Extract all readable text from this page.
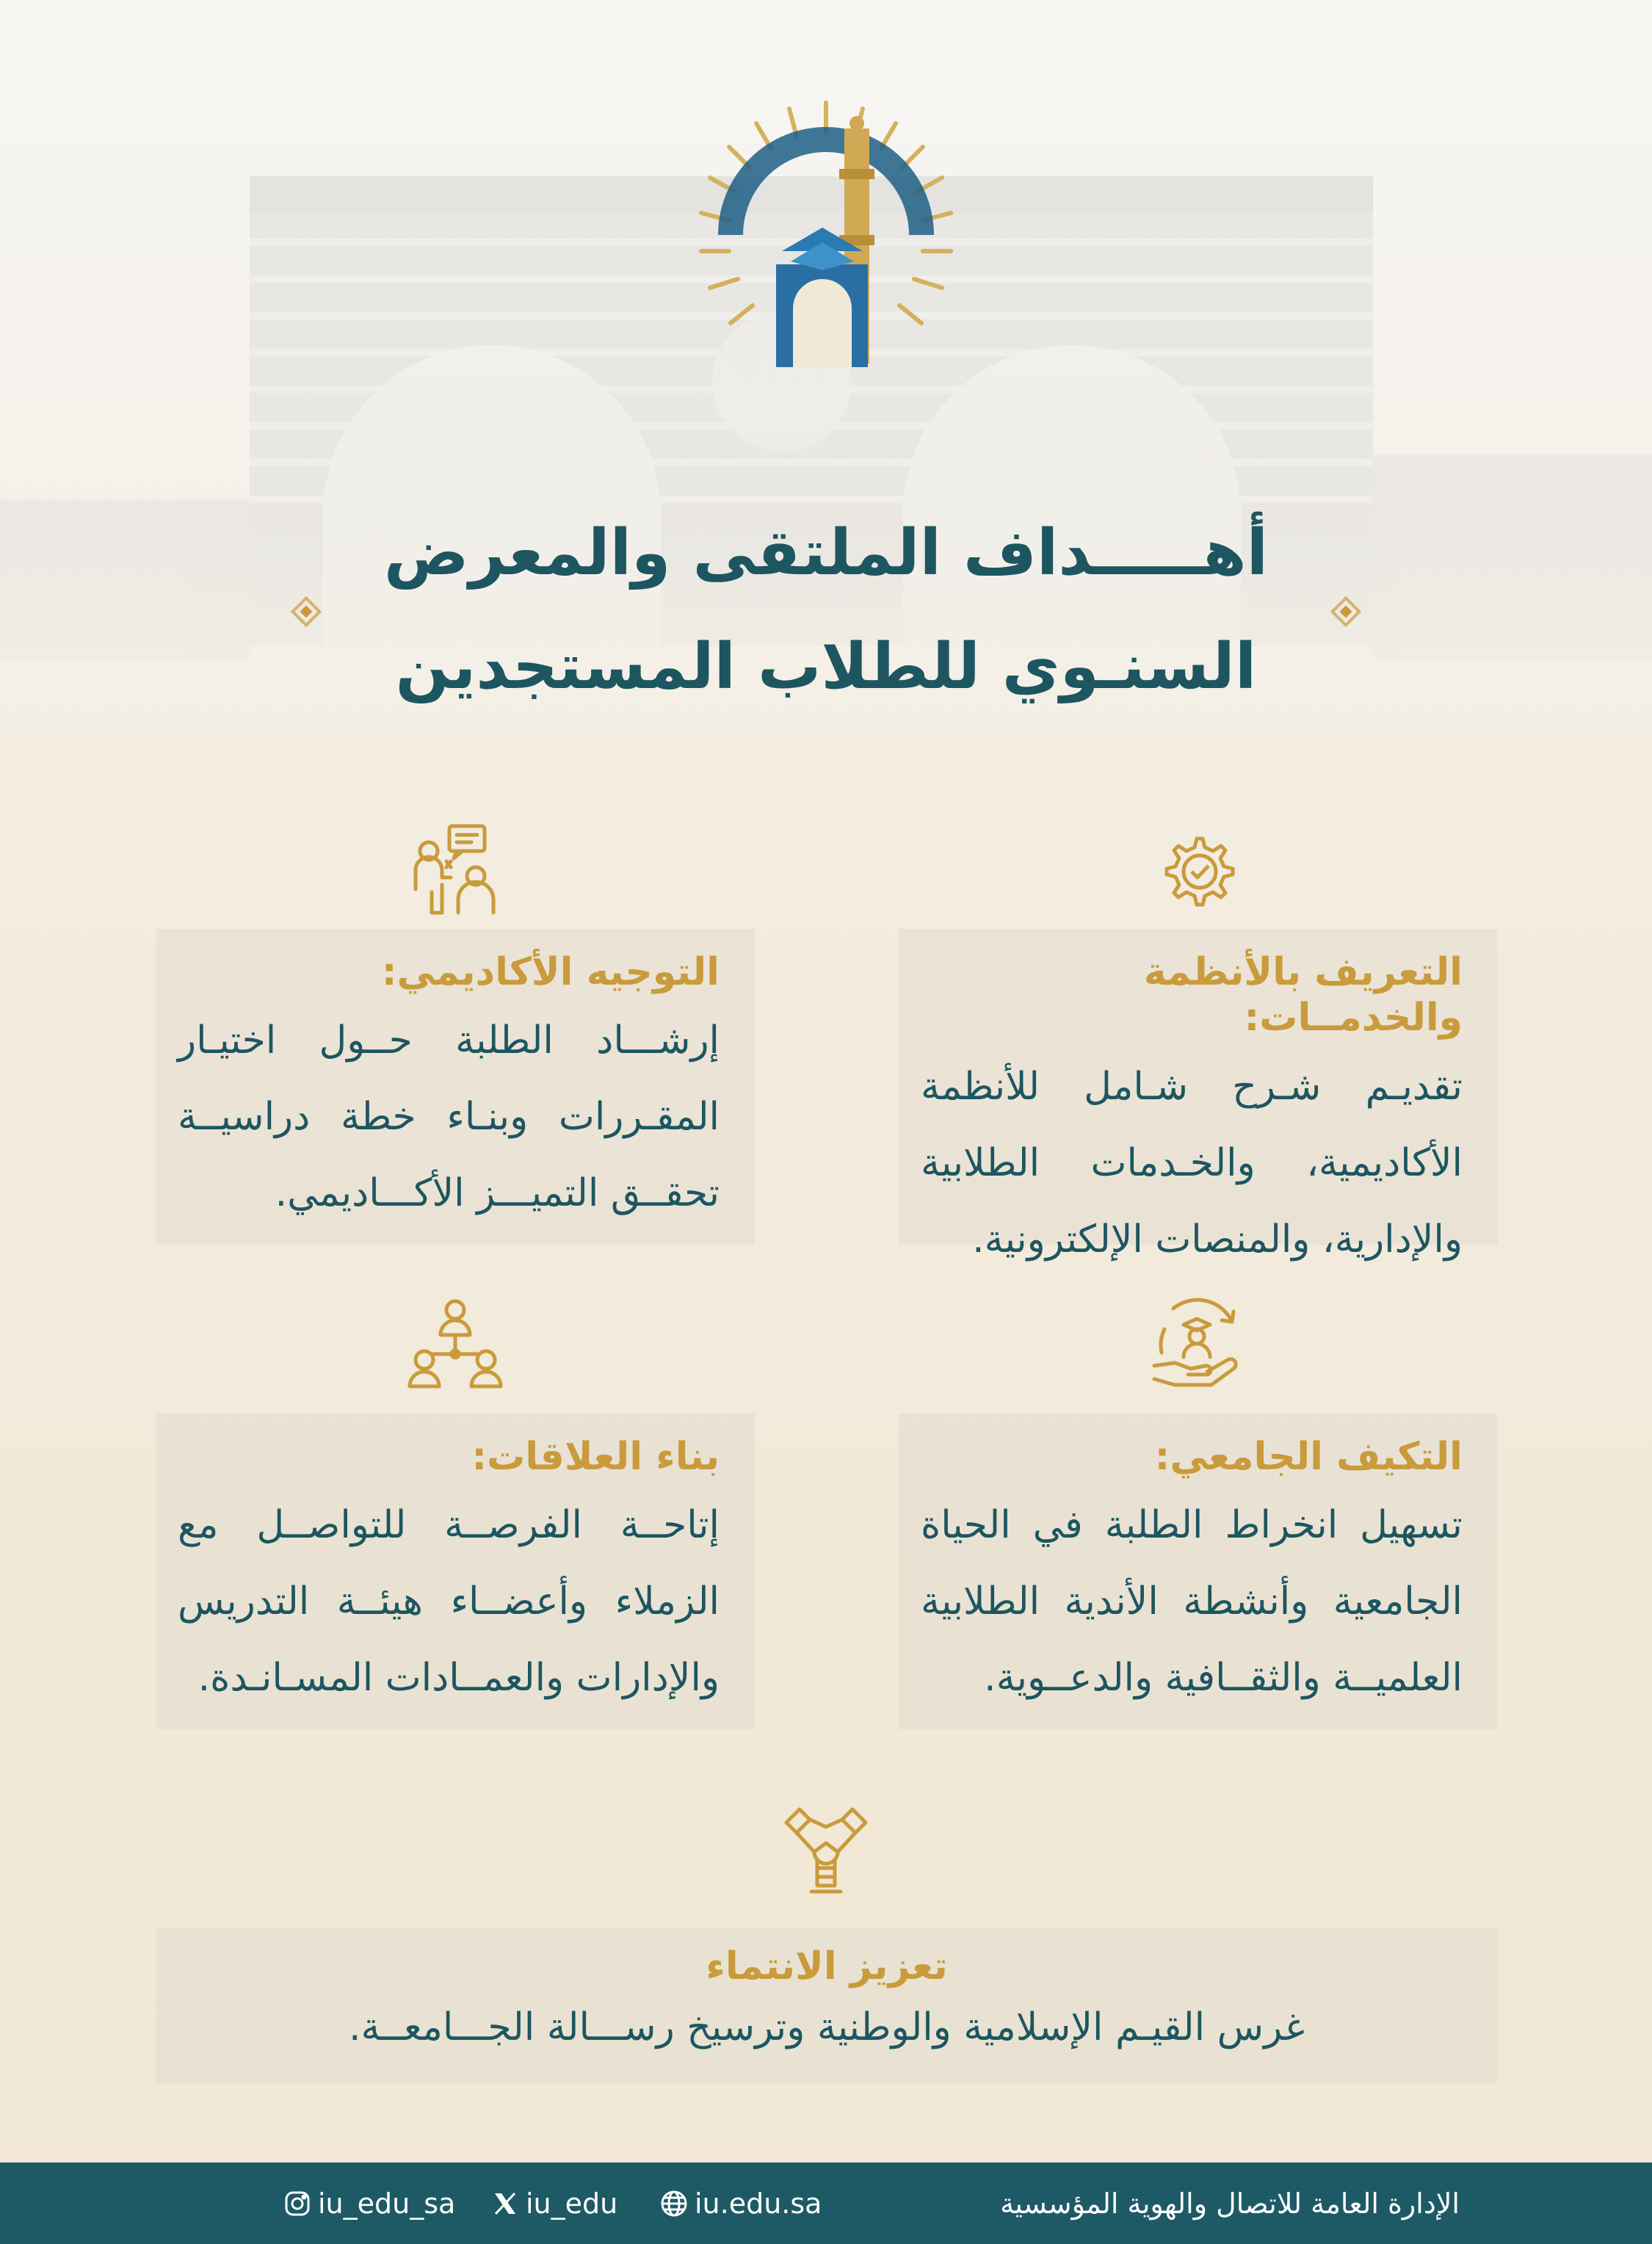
أهـــــداف الملتقى والمعرض
السنـوي للطلاب المستجدين
التعريف بالأنظمة والخدمــات:
تقديـم شـرح شـامل للأنظمة الأكاديمية، والخـدمات الطلابية والإدارية، والمنصات الإلكترونية.
التوجيه الأكاديمي:
إرشـــاد الطلبة حــول اختيـار المقـررات وبنـاء خطة دراسيــة تحقــق التميـــز الأكـــاديمي.
التكيف الجامعي:
تسهيل انخراط الطلبة في الحياة الجامعية وأنشطة الأندية الطلابية العلميــة والثقــافية والدعــوية.
بناء العلاقات:
إتاحــة الفرصــة للتواصــل مع الزملاء وأعضــاء هيئــة التدريس والإدارات والعمــادات المسـانـدة.
تعزيز الانتماء
غرس القيـم الإسلامية والوطنية وترسيخ رســـالة الجـــامعــة.
الإدارة العامة للاتصال والهوية المؤسسية
iu.edu.sa
iu_edu
iu_edu_sa
